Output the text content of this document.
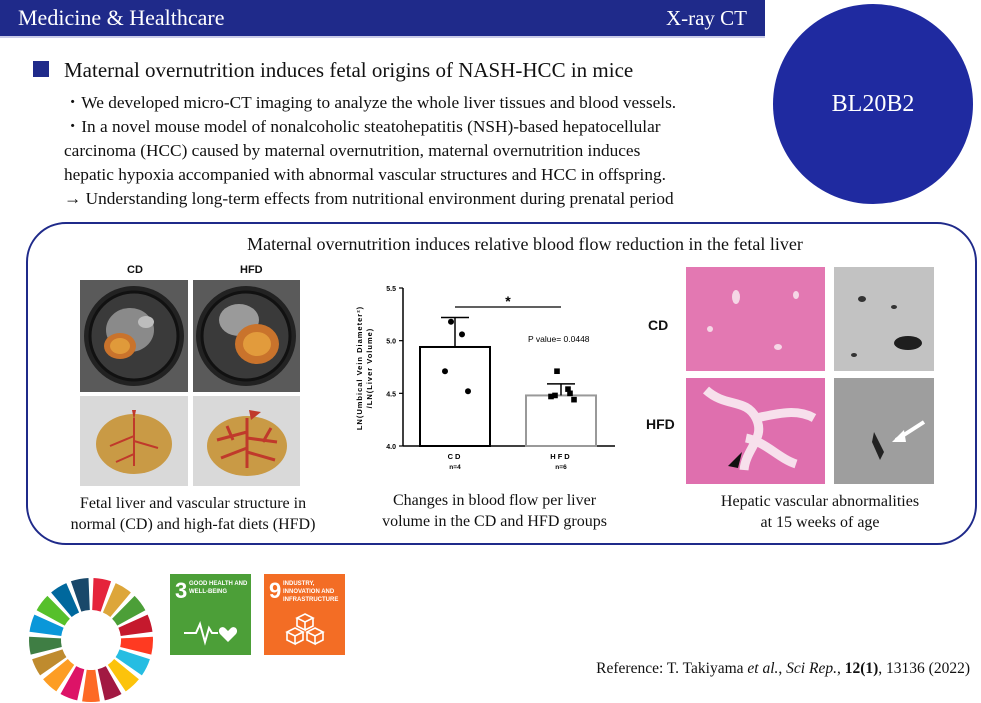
Medicine & Healthcare	X-ray CT
BL20B2
Maternal overnutrition induces fetal origins of NASH-HCC in mice
・We developed micro-CT imaging to analyze the whole liver tissues and blood vessels.
・In a novel mouse model of nonalcoholic steatohepatitis (NSH)-based hepatocellular
carcinoma (HCC) caused by maternal overnutrition, maternal overnutrition induces
hepatic hypoxia accompanied with abnormal vascular structures and HCC in offspring.
→ Understanding long-term effects from nutritional environment during prenatal period
Maternal overnutrition induces relative blood flow reduction in the fetal liver
CD	HFD
Fetal liver and vascular structure in
normal (CD) and high-fat diets (HFD)
4.0
4.5
5.0
5.5
LN(Umbical Vein Diameter²) /LN(Liver Volume)
CD
n=4
HFD
n=6
*
P value= 0.0448
Changes in blood flow per liver
volume in the CD and HFD groups
CD
HFD
Hepatic vascular abnormalities
at 15 weeks of age
3 GOOD HEALTH AND WELL-BEING	9 INDUSTRY, INNOVATION AND INFRASTRUCTURE
Reference: T. Takiyama et al., Sci Rep., 12(1), 13136 (2022)
